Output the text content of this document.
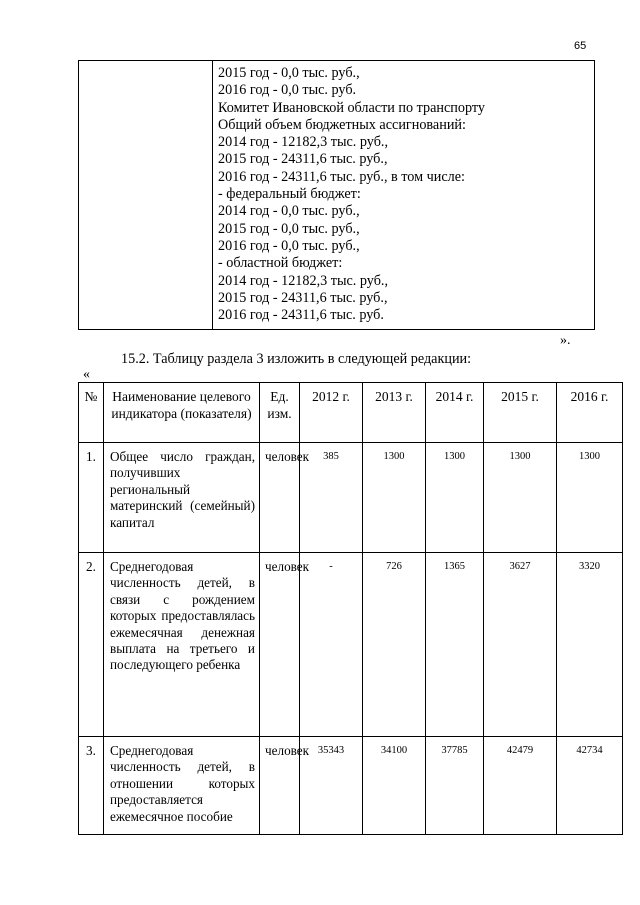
65
2015 год - 0,0 тыс. руб.,
2016 год - 0,0 тыс. руб.
Комитет Ивановской области по транспорту
Общий объем бюджетных ассигнований:
2014 год - 12182,3 тыс. руб.,
2015 год - 24311,6 тыс. руб.,
2016 год - 24311,6 тыс. руб., в том числе:
- федеральный бюджет:
2014 год - 0,0 тыс. руб.,
2015 год - 0,0 тыс. руб.,
2016 год - 0,0 тыс. руб.,
- областной бюджет:
2014 год - 12182,3 тыс. руб.,
2015 год - 24311,6 тыс. руб.,
2016 год - 24311,6 тыс. руб.
».
15.2. Таблицу раздела 3 изложить в следующей редакции:
«
№	Наименование целевого индикатора (показателя)	Ед. изм.	2012 г.	2013 г.	2014 г.	2015 г.	2016 г.
1.	Общее число граждан, получивших региональный материнский (семейный) капитал	человек	385	1300	1300	1300	1300
2.	Среднегодовая численность детей, в связи с рождением которых предоставлялась ежемесячная денежная выплата на третьего и последующего ребенка	человек	-	726	1365	3627	3320
3.	Среднегодовая численность детей, в отношении которых предоставляется ежемесячное пособие	человек	35343	34100	37785	42479	42734
